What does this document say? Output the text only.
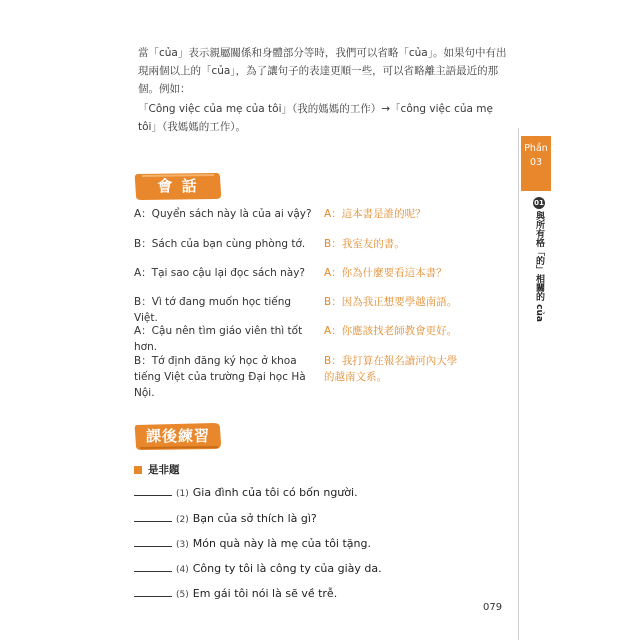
當「của」表示親屬關係和身體部分等時，我們可以省略「của」。如果句中有出現兩個以上的「của」，為了讓句子的表達更順一些，可以省略離主語最近的那個。例如：
「Công việc của mẹ của tôi」（我的媽媽的工作）→「công việc của mẹ tôi」（我媽媽的工作）。
會 話
A：Quyển sách này là của ai vậy? A：這本書是誰的呢？
B：Sách của bạn cùng phòng tớ.	B：我室友的書。
A：Tại sao cậu lại đọc sách này?	A：你為什麼要看這本書？
B：Vì tớ đang muốn học tiếng Việt.
B：因為我正想要學越南語。
A：Cậu nên tìm giáo viên thì tốt hơn.
A：你應該找老師教會更好。
B：Tớ định đăng ký học ở khoa tiếng Việt của trường Đại học Hà Nội.
B：我打算在報名讀河內大學的越南文系。
課後練習
是非題
(1) Gia đình của tôi có bốn người.
(2) Bạn của sở thích là gì?
(3) Món quà này là mẹ của tôi tặng.
(4) Công ty tôi là công ty của giày da.
(5) Em gái tôi nói là sẽ về trễ.
Phần
03
01與所有格「的」相關的 của
079
